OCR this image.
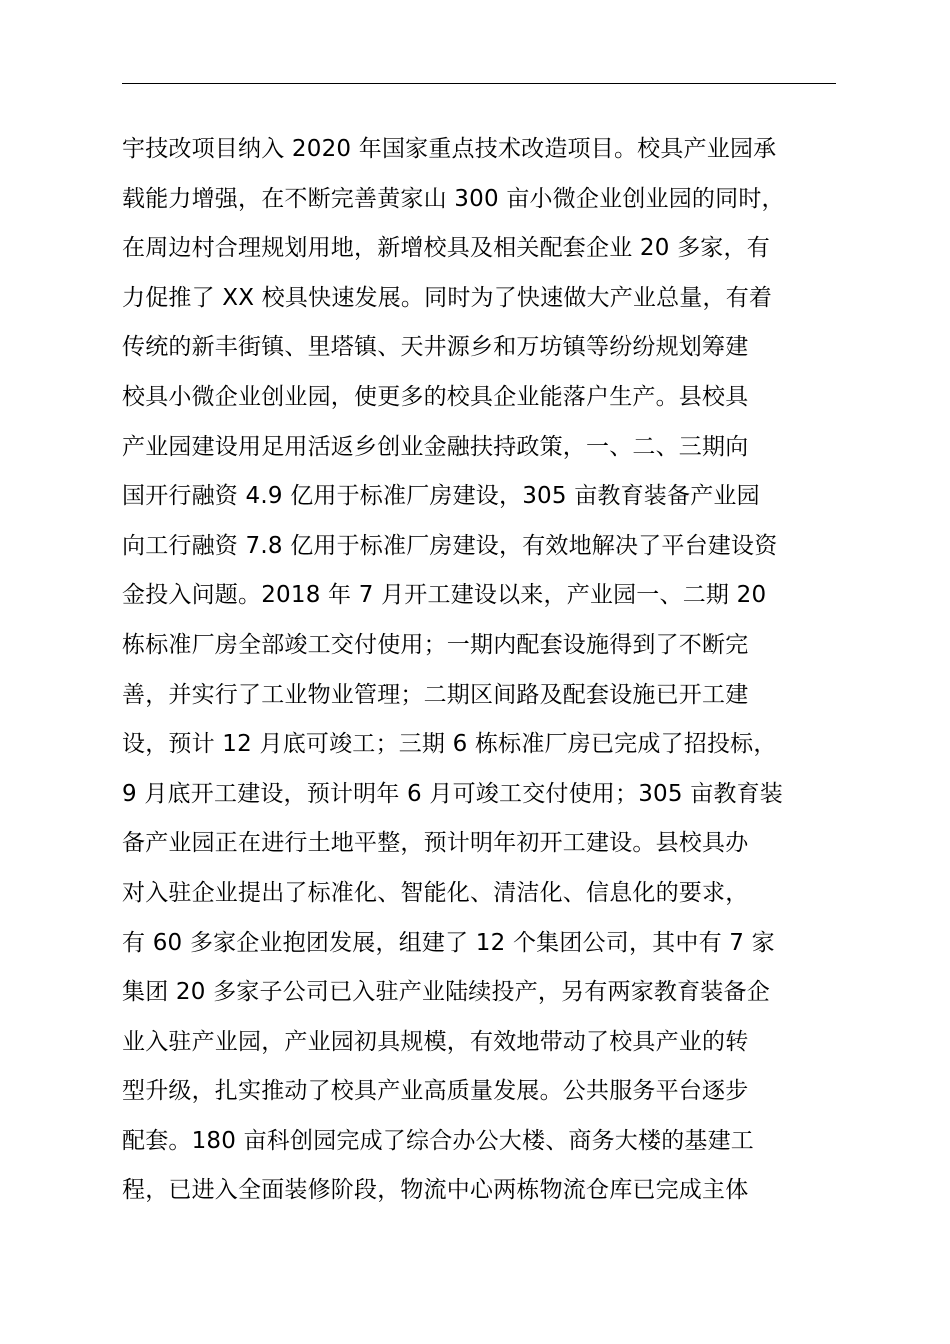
宇技改项目纳入 2020 年国家重点技术改造项目。校具产业园承
载能力增强，在不断完善黄家山 300 亩小微企业创业园的同时，
在周边村合理规划用地，新增校具及相关配套企业 20 多家，有
力促推了 XX 校具快速发展。同时为了快速做大产业总量，有着
传统的新丰街镇、里塔镇、天井源乡和万坊镇等纷纷规划筹建
校具小微企业创业园，使更多的校具企业能落户生产。县校具
产业园建设用足用活返乡创业金融扶持政策，一、二、三期向
国开行融资 4.9 亿用于标准厂房建设，305 亩教育装备产业园
向工行融资 7.8 亿用于标准厂房建设，有效地解决了平台建设资
金投入问题。2018 年 7 月开工建设以来，产业园一、二期 20
栋标准厂房全部竣工交付使用；一期内配套设施得到了不断完
善，并实行了工业物业管理；二期区间路及配套设施已开工建
设，预计 12 月底可竣工；三期 6 栋标准厂房已完成了招投标，
9 月底开工建设，预计明年 6 月可竣工交付使用；305 亩教育装
备产业园正在进行土地平整，预计明年初开工建设。县校具办
对入驻企业提出了标准化、智能化、清洁化、信息化的要求，
有 60 多家企业抱团发展，组建了 12 个集团公司，其中有 7 家
集团 20 多家子公司已入驻产业陆续投产，另有两家教育装备企
业入驻产业园，产业园初具规模，有效地带动了校具产业的转
型升级，扎实推动了校具产业高质量发展。公共服务平台逐步
配套。180 亩科创园完成了综合办公大楼、商务大楼的基建工
程，已进入全面装修阶段，物流中心两栋物流仓库已完成主体
